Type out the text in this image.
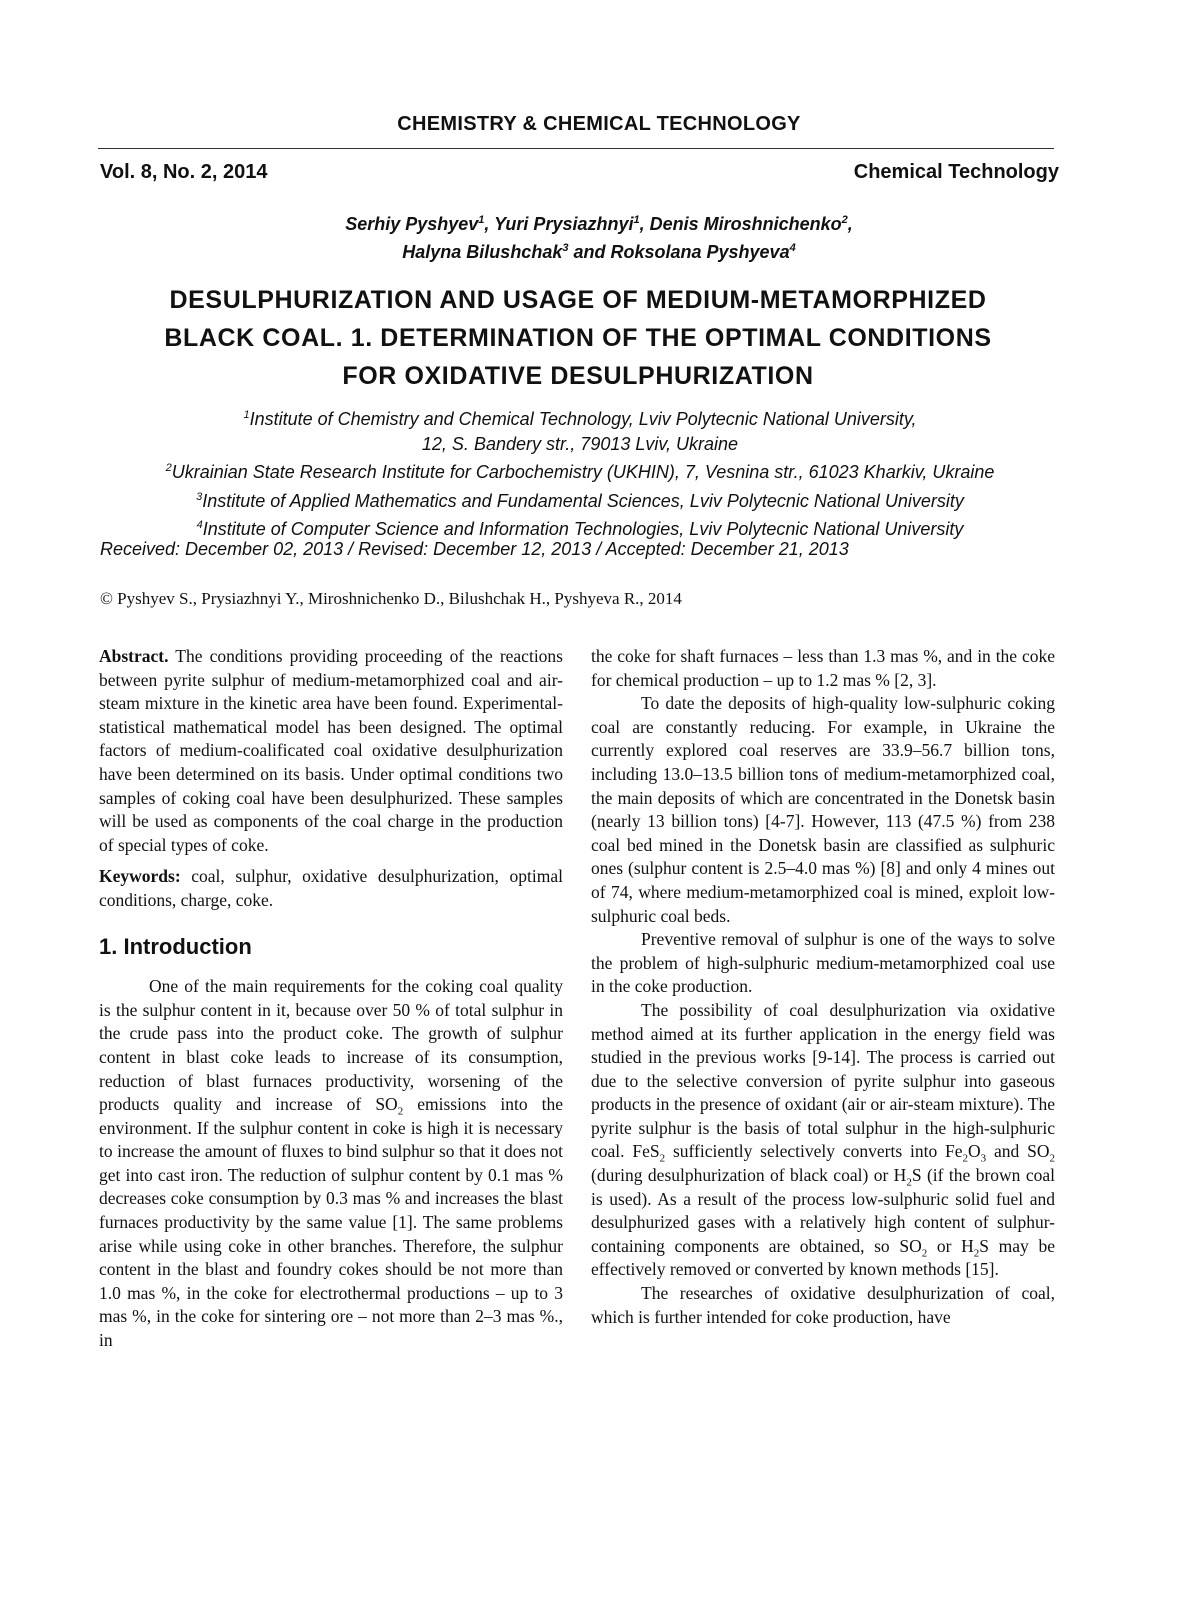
CHEMISTRY & CHEMICAL TECHNOLOGY
Vol. 8, No. 2, 2014	Chemical Technology
Serhiy Pyshyev$^1$, Yuri Prysiazhnyi$^1$, Denis Miroshnichenko$^2$,
Halyna Bilushchak$^3$ and Roksolana Pyshyeva$^4$
DESULPHURIZATION AND USAGE OF MEDIUM-METAMORPHIZED
BLACK COAL. 1. DETERMINATION OF THE OPTIMAL CONDITIONS
FOR OXIDATIVE DESULPHURIZATION
$^1$Institute of Chemistry and Chemical Technology, Lviv Polytecnic National University,
12, S. Bandery str., 79013 Lviv, Ukraine
$^2$Ukrainian State Research Institute for Carbochemistry (UKHIN), 7, Vesnina str., 61023 Kharkiv, Ukraine
$^3$Institute of Applied Mathematics and Fundamental Sciences, Lviv Polytecnic National University
$^4$Institute of Computer Science and Information Technologies, Lviv Polytecnic National University
Received: December 02, 2013 / Revised: December 12, 2013 / Accepted: December 21, 2013
© Pyshyev S., Prysiazhnyi Y., Miroshnichenko D., Bilushchak H., Pyshyeva R., 2014

Abstract. The conditions providing proceeding of the reactions between pyrite sulphur of medium-metamorphized coal and air-steam mixture in the kinetic area have been found. Experimental-statistical mathematical model has been designed. The optimal factors of medium-coalificated coal oxidative desulphurization have been determined on its basis. Under optimal conditions two samples of coking coal have been desulphurized. These samples will be used as components of the coal charge in the production of special types of coke.

Keywords: coal, sulphur, oxidative desulphurization, optimal conditions, charge, coke.

1. Introduction

One of the main requirements for the coking coal quality is the sulphur content in it, because over 50 % of total sulphur in the crude pass into the product coke. The growth of sulphur content in blast coke leads to increase of its consumption, reduction of blast furnaces productivity, worsening of the products quality and increase of $SO_2$ emissions into the environment. If the sulphur content in coke is high it is necessary to increase the amount of fluxes to bind sulphur so that it does not get into cast iron. The reduction of sulphur content by 0.1 mas % decreases coke consumption by 0.3 mas % and increases the blast furnaces productivity by the same value [1]. The same problems arise while using coke in other branches. Therefore, the sulphur content in the blast and foundry cokes should be not more than 1.0 mas %, in the coke for electrothermal productions – up to 3 mas %, in the coke for sintering ore – not more than 2–3 mas %., in

the coke for shaft furnaces – less than 1.3 mas %, and in the coke for chemical production – up to 1.2 mas % [2, 3].

To date the deposits of high-quality low-sulphuric coking coal are constantly reducing. For example, in Ukraine the currently explored coal reserves are 33.9–56.7 billion tons, including 13.0–13.5 billion tons of medium-metamorphized coal, the main deposits of which are concentrated in the Donetsk basin (nearly 13 billion tons) [4-7]. However, 113 (47.5 %) from 238 coal bed mined in the Donetsk basin are classified as sulphuric ones (sulphur content is 2.5–4.0 mas %) [8] and only 4 mines out of 74, where medium-metamorphized coal is mined, exploit low-sulphuric coal beds.

Preventive removal of sulphur is one of the ways to solve the problem of high-sulphuric medium-metamorphized coal use in the coke production.

The possibility of coal desulphurization via oxidative method aimed at its further application in the energy field was studied in the previous works [9-14]. The process is carried out due to the selective conversion of pyrite sulphur into gaseous products in the presence of oxidant (air or air-steam mixture). The pyrite sulphur is the basis of total sulphur in the high-sulphuric coal. FeS$_2$ sufficiently selectively converts into $Fe_2O_3$ and $SO_2$ (during desulphurization of black coal) or $H_2S$ (if the brown coal is used). As a result of the process low-sulphuric solid fuel and desulphurized gases with a relatively high content of sulphur-containing components are obtained, so $SO_2$ or $H_2S$ may be effectively removed or converted by known methods [15].

The researches of oxidative desulphurization of coal, which is further intended for coke production, have
